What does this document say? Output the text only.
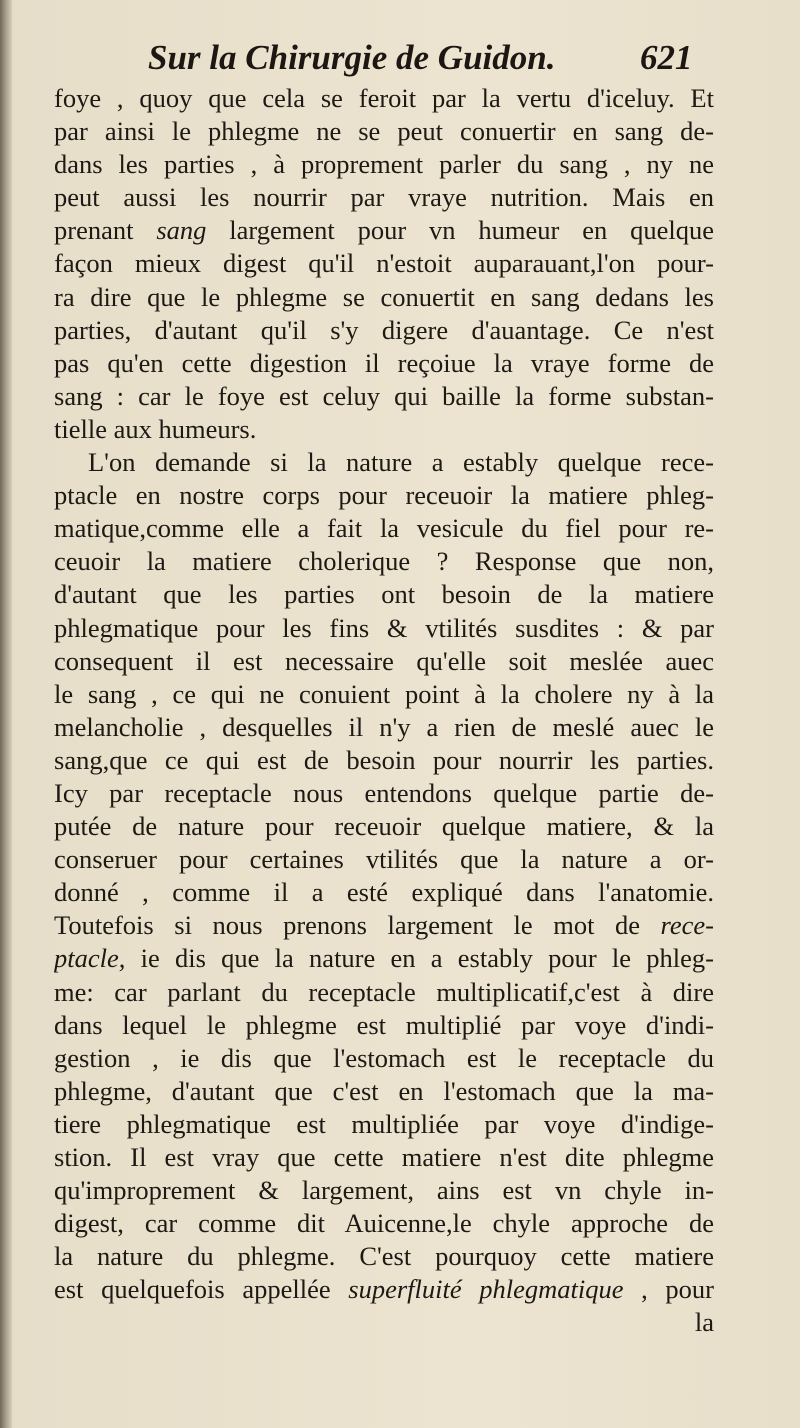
Sur la Chirurgie de Guidon. 621
foye , quoy que cela se feroit par la vertu d'iceluy. Et
par ainsi le phlegme ne se peut conuertir en sang de-
dans les parties , à proprement parler du sang , ny ne
peut aussi les nourrir par vraye nutrition. Mais en
prenant sang largement pour vn humeur en quelque
façon mieux digest qu'il n'estoit auparauant,l'on pour-
ra dire que le phlegme se conuertit en sang dedans les
parties, d'autant qu'il s'y digere d'auantage. Ce n'est
pas qu'en cette digestion il reçoiue la vraye forme de
sang : car le foye est celuy qui baille la forme substan-
tielle aux humeurs.
L'on demande si la nature a estably quelque rece-
ptacle en nostre corps pour receuoir la matiere phleg-
matique,comme elle a fait la vesicule du fiel pour re-
ceuoir la matiere cholerique ? Response que non,
d'autant que les parties ont besoin de la matiere
phlegmatique pour les fins & vtilités susdites : & par
consequent il est necessaire qu'elle soit meslée auec
le sang , ce qui ne conuient point à la cholere ny à la
melancholie , desquelles il n'y a rien de meslé auec le
sang,que ce qui est de besoin pour nourrir les parties.
Icy par receptacle nous entendons quelque partie de-
putée de nature pour receuoir quelque matiere, & la
conseruer pour certaines vtilités que la nature a or-
donné , comme il a esté expliqué dans l'anatomie.
Toutefois si nous prenons largement le mot de rece-
ptacle, ie dis que la nature en a estably pour le phleg-
me: car parlant du receptacle multiplicatif,c'est à dire
dans lequel le phlegme est multiplié par voye d'indi-
gestion , ie dis que l'estomach est le receptacle du
phlegme, d'autant que c'est en l'estomach que la ma-
tiere phlegmatique est multipliée par voye d'indige-
stion. Il est vray que cette matiere n'est dite phlegme
qu'improprement & largement, ains est vn chyle in-
digest, car comme dit Auicenne,le chyle approche de
la nature du phlegme. C'est pourquoy cette matiere
est quelquefois appellée superfluité phlegmatique , pour
la
